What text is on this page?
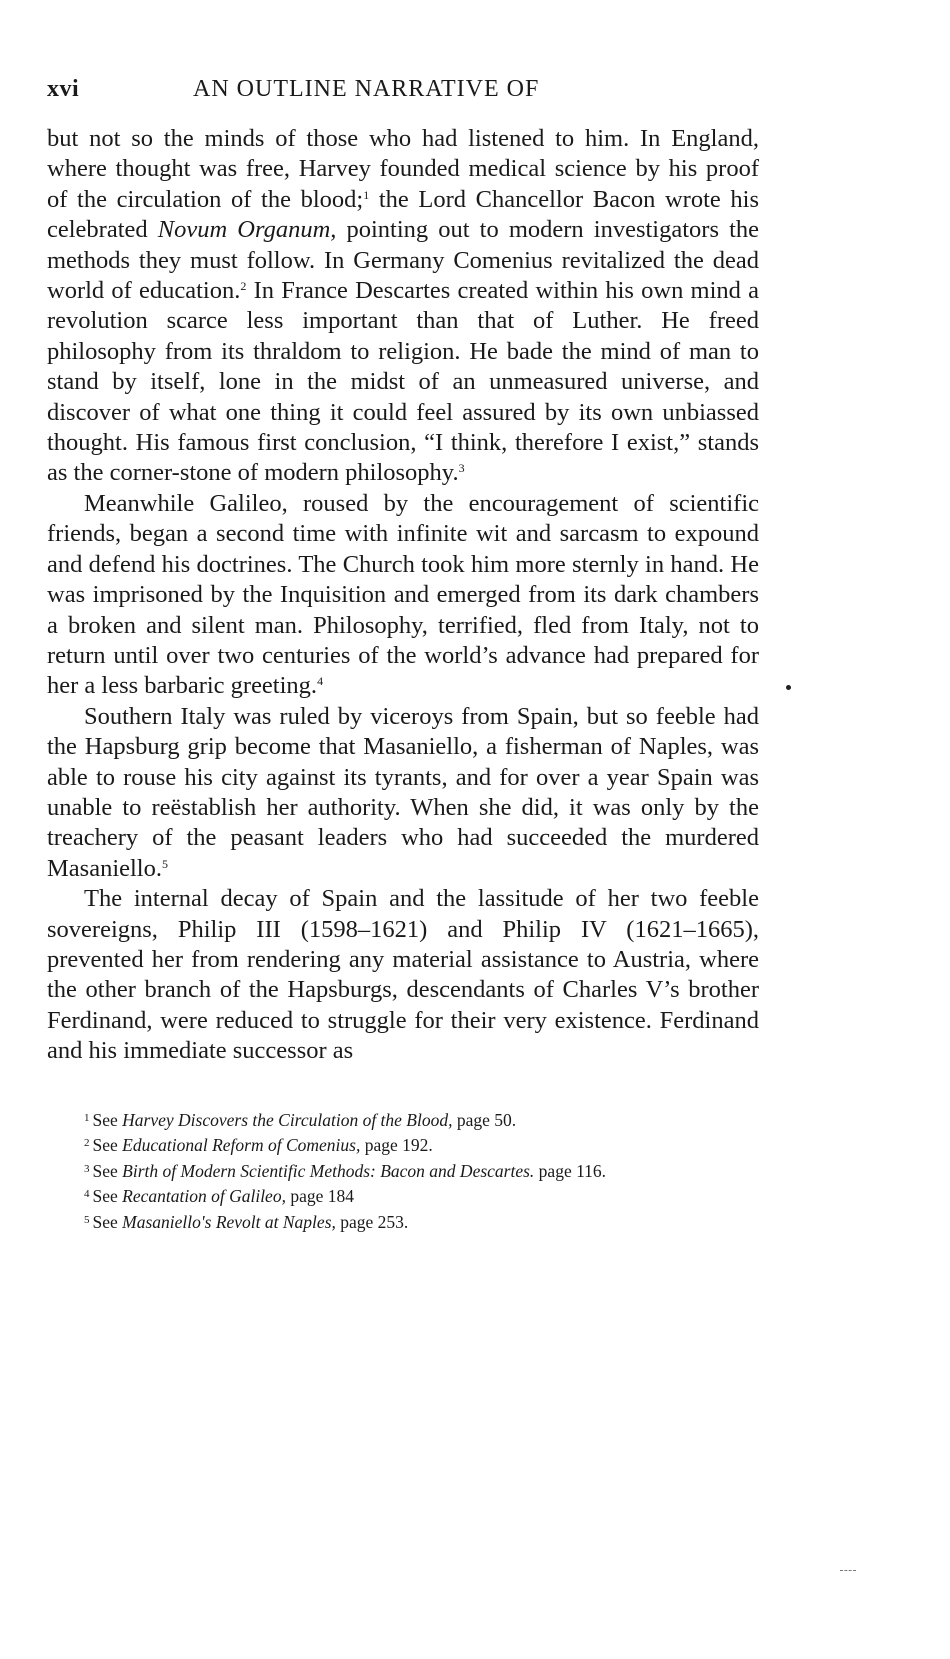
xvi	AN OUTLINE NARRATIVE OF

but not so the minds of those who had listened to him. In England, where thought was free, Harvey founded medical science by his proof of the circulation of the blood;$^1$ the Lord Chancellor Bacon wrote his celebrated Novum Organum, pointing out to modern investigators the methods they must follow. In Germany Comenius revitalized the dead world of education.$^2$ In France Descartes created within his own mind a revolution scarce less important than that of Luther. He freed philosophy from its thraldom to religion. He bade the mind of man to stand by itself, lone in the midst of an unmeasured universe, and discover of what one thing it could feel assured by its own unbiassed thought. His famous first conclusion, “I think, therefore I exist,” stands as the corner-stone of modern philosophy.$^3$

Meanwhile Galileo, roused by the encouragement of scientific friends, began a second time with infinite wit and sarcasm to expound and defend his doctrines. The Church took him more sternly in hand. He was imprisoned by the Inquisition and emerged from its dark chambers a broken and silent man. Philosophy, terrified, fled from Italy, not to return until over two centuries of the world’s advance had prepared for her a less barbaric greeting.$^4$

Southern Italy was ruled by viceroys from Spain, but so feeble had the Hapsburg grip become that Masaniello, a fisherman of Naples, was able to rouse his city against its tyrants, and for over a year Spain was unable to reëstablish her authority. When she did, it was only by the treachery of the peasant leaders who had succeeded the murdered Masaniello.$^5$

The internal decay of Spain and the lassitude of her two feeble sovereigns, Philip III (1598–1621) and Philip IV (1621–1665), prevented her from rendering any material assistance to Austria, where the other branch of the Hapsburgs, descendants of Charles V’s brother Ferdinand, were reduced to struggle for their very existence. Ferdinand and his immediate successor as

$^1$ See Harvey Discovers the Circulation of the Blood, page 50.

$^2$ See Educational Reform of Comenius, page 192.

$^3$ See Birth of Modern Scientific Methods: Bacon and Descartes. page 116.

$^4$ See Recantation of Galileo, page 184

$^5$ See Masaniello's Revolt at Naples, page 253.
